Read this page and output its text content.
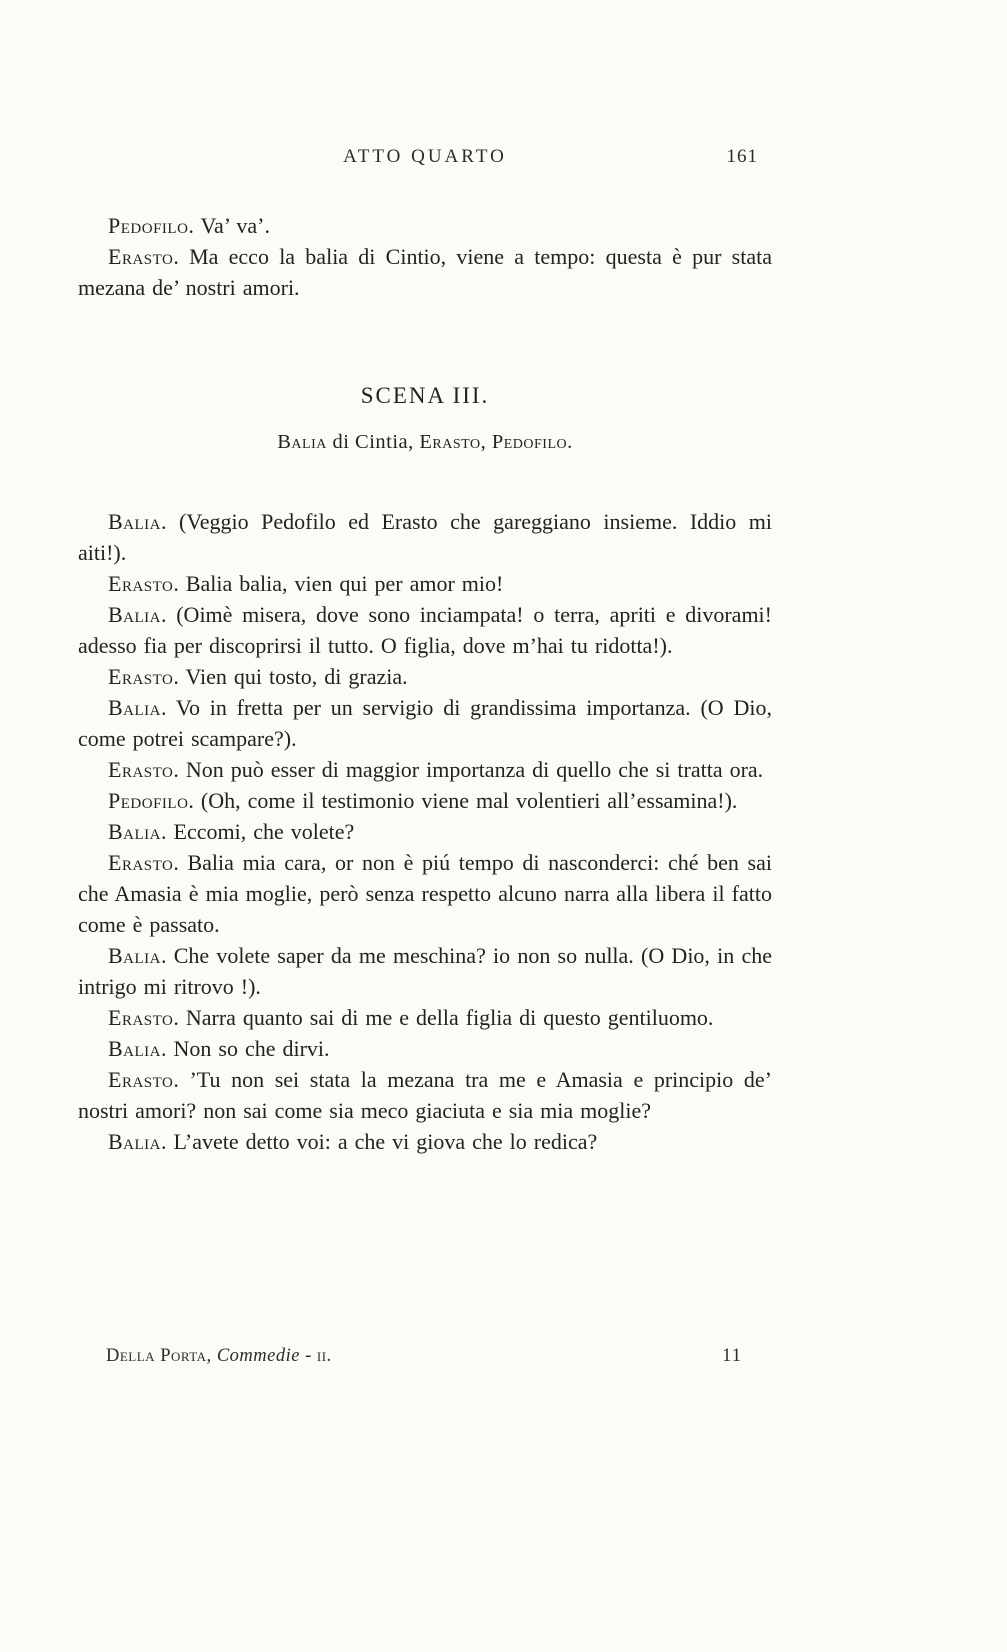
ATTO QUARTO	161

Pedofilo. Va’ va’.

Erasto. Ma ecco la balia di Cintio, viene a tempo: questa è pur stata mezana de’ nostri amori.

SCENA III.
Balia di Cintia, Erasto, Pedofilo.

Balia. (Veggio Pedofilo ed Erasto che gareggiano insieme. Iddio mi aiti!).

Erasto. Balia balia, vien qui per amor mio!

Balia. (Oimè misera, dove sono inciampata! o terra, apriti e divorami! adesso fia per discoprirsi il tutto. O figlia, dove m’hai tu ridotta!).

Erasto. Vien qui tosto, di grazia.

Balia. Vo in fretta per un servigio di grandissima importanza. (O Dio, come potrei scampare?).

Erasto. Non può esser di maggior importanza di quello che si tratta ora.

Pedofilo. (Oh, come il testimonio viene mal volentieri all’essamina!).

Balia. Eccomi, che volete?

Erasto. Balia mia cara, or non è piú tempo di nasconderci: ché ben sai che Amasia è mia moglie, però senza respetto alcuno narra alla libera il fatto come è passato.

Balia. Che volete saper da me meschina? io non so nulla. (O Dio, in che intrigo mi ritrovo !).

Erasto. Narra quanto sai di me e della figlia di questo gentiluomo.

Balia. Non so che dirvi.

Erasto. ’Tu non sei stata la mezana tra me e Amasia e principio de’ nostri amori? non sai come sia meco giaciuta e sia mia moglie?

Balia. L’avete detto voi: a che vi giova che lo redica?

Della Porta, Commedie - ii.	11
